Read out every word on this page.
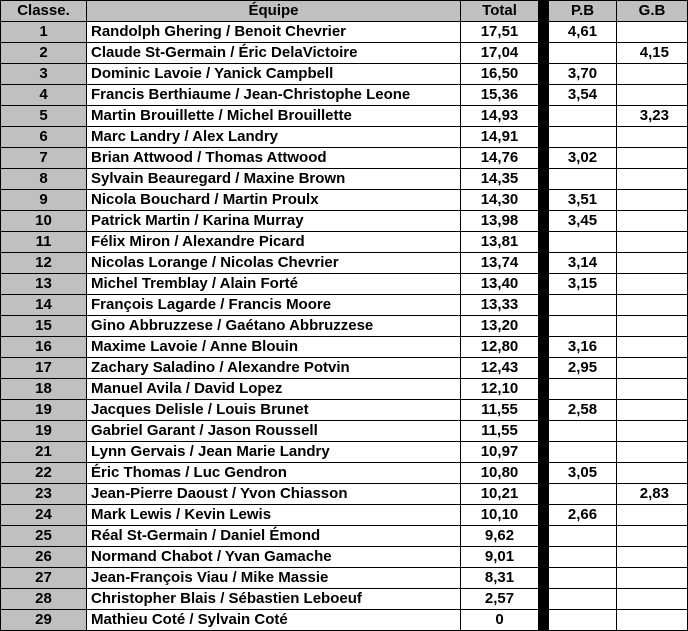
Classe.	Équipe	Total		P.B	G.B
1	Randolph Ghering / Benoit Chevrier	17,51		4,61	
2	Claude St-Germain / Éric DelaVictoire	17,04			4,15
3	Dominic Lavoie / Yanick Campbell	16,50		3,70	
4	Francis Berthiaume / Jean-Christophe Leone	15,36		3,54	
5	Martin Brouillette / Michel Brouillette	14,93			3,23
6	Marc Landry / Alex Landry	14,91			
7	Brian Attwood / Thomas Attwood	14,76		3,02	
8	Sylvain Beauregard / Maxine Brown	14,35			
9	Nicola Bouchard / Martin Proulx	14,30		3,51	
10	Patrick Martin / Karina Murray	13,98		3,45	
11	Félix Miron / Alexandre Picard	13,81			
12	Nicolas Lorange / Nicolas Chevrier	13,74		3,14	
13	Michel Tremblay / Alain Forté	13,40		3,15	
14	François Lagarde / Francis Moore	13,33			
15	Gino Abbruzzese / Gaétano Abbruzzese	13,20			
16	Maxime Lavoie / Anne Blouin	12,80		3,16	
17	Zachary Saladino / Alexandre Potvin	12,43		2,95	
18	Manuel Avila / David Lopez	12,10			
19	Jacques Delisle / Louis Brunet	11,55		2,58	
19	Gabriel Garant / Jason Roussell	11,55			
21	Lynn Gervais / Jean Marie Landry	10,97			
22	Éric Thomas / Luc Gendron	10,80		3,05	
23	Jean-Pierre Daoust / Yvon Chiasson	10,21			2,83
24	Mark Lewis / Kevin Lewis	10,10		2,66	
25	Réal St-Germain / Daniel Émond	9,62			
26	Normand Chabot / Yvan Gamache	9,01			
27	Jean-François Viau / Mike Massie	8,31			
28	Christopher Blais / Sébastien Leboeuf	2,57			
29	Mathieu Coté / Sylvain Coté	0			
